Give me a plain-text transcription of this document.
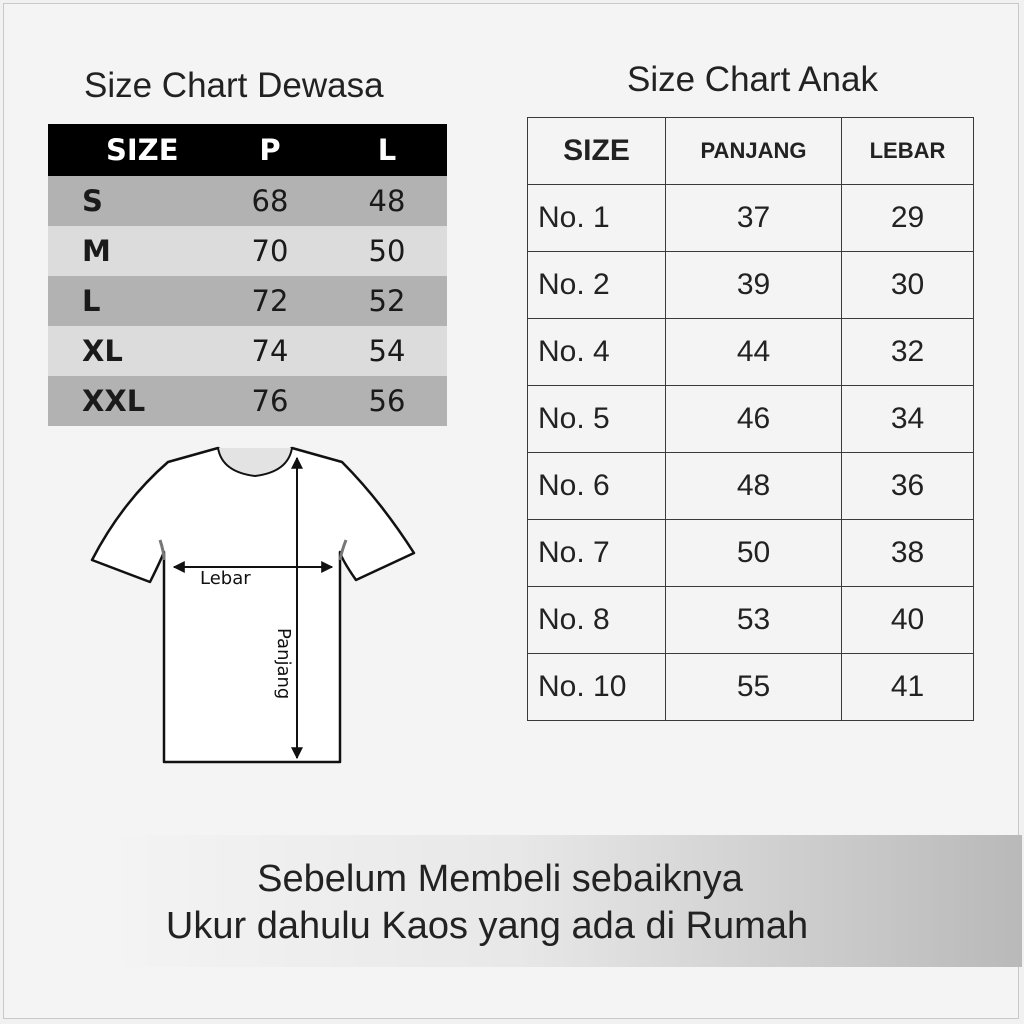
Size Chart Dewasa	Size Chart Anak
SIZE	P	L
S	68	48
M	70	50
L	72	52
XL	74	54
XXL	76	56
SIZE	PANJANG	LEBAR
No. 1	37	29
No. 2	39	30
No. 4	44	32
No. 5	46	34
No. 6	48	36
No. 7	50	38
No. 8	53	40
No. 10	55	41
Lebar
Panjang
Sebelum Membeli sebaiknya
Ukur dahulu Kaos yang ada di Rumah
